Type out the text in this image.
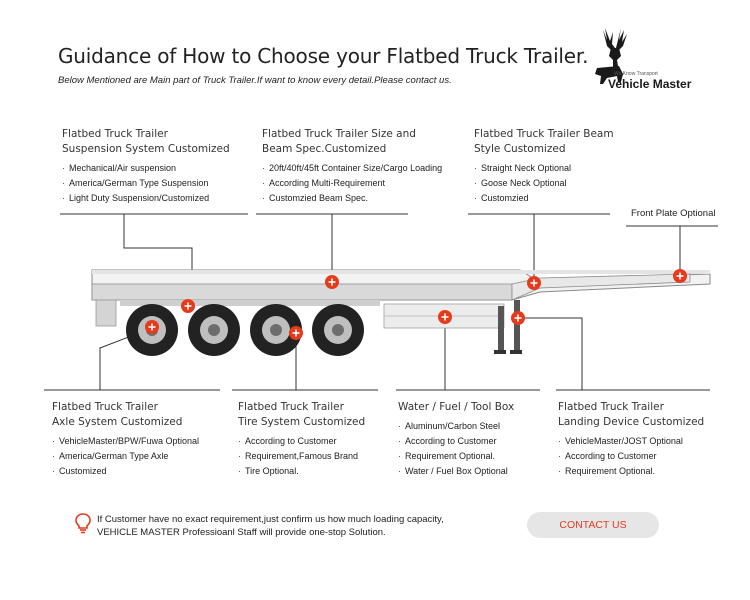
Guidance of How to Choose your Flatbed Truck Trailer.
Below Mentioned are Main part of Truck Trailer.If want to know every detail.Please contact us.
We Know Transport
Vehicle Master
Flatbed Truck Trailer
Suspension System Customized
· Mechanical/Air suspension
· America/German Type Suspension
· Light Duty Suspension/Customized
Flatbed Truck Trailer Size and
Beam Spec.Customized
· 20ft/40ft/45ft Container Size/Cargo Loading
· According Multi-Requirement
· Customzied Beam Spec.
Flatbed Truck Trailer Beam
Style Customized
· Straight Neck Optional
· Goose Neck Optional
· Customzied
Front Plate Optional
Flatbed Truck Trailer
Axle System Customized
· VehicleMaster/BPW/Fuwa Optional
· America/German Type Axle
· Customized
Flatbed Truck Trailer
Tire System Customized
· According to Customer
· Requirement,Famous Brand
· Tire Optional.
Water / Fuel / Tool Box
· Aluminum/Carbon Steel
· According to Customer
· Requirement Optional.
· Water / Fuel Box Optional
Flatbed Truck Trailer
Landing Device Customized
· VehicleMaster/JOST Optional
· According to Customer
· Requirement Optional.
If Customer have no exact requirement,just confirm us how much loading capacity,
VEHICLE MASTER Professioanl Staff will provide one-stop Solution.
CONTACT US
